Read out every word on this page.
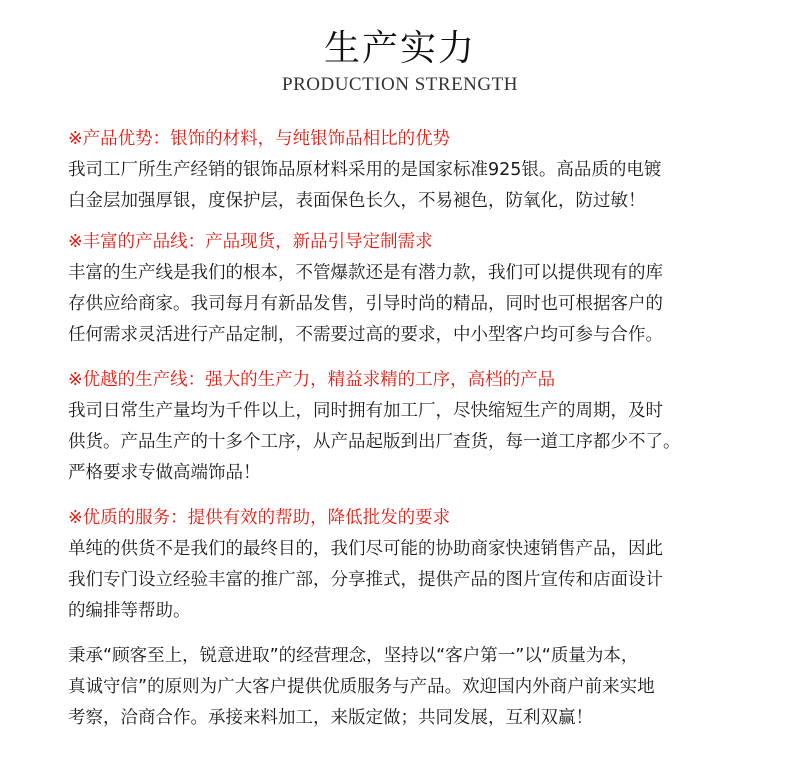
生产实力
PRODUCTION STRENGTH
※产品优势：银饰的材料，与纯银饰品相比的优势
我司工厂所生产经销的银饰品原材料采用的是国家标准925银。高品质的电镀
白金层加强厚银，度保护层，表面保色长久，不易褪色，防氧化，防过敏！
※丰富的产品线：产品现货，新品引导定制需求
丰富的生产线是我们的根本，不管爆款还是有潜力款，我们可以提供现有的库
存供应给商家。我司每月有新品发售，引导时尚的精品，同时也可根据客户的
任何需求灵活进行产品定制，不需要过高的要求，中小型客户均可参与合作。
※优越的生产线：强大的生产力，精益求精的工序，高档的产品
我司日常生产量均为千件以上，同时拥有加工厂，尽快缩短生产的周期，及时
供货。产品生产的十多个工序，从产品起版到出厂查货，每一道工序都少不了。
严格要求专做高端饰品！
※优质的服务：提供有效的帮助，降低批发的要求
单纯的供货不是我们的最终目的，我们尽可能的协助商家快速销售产品，因此
我们专门设立经验丰富的推广部，分享推式，提供产品的图片宣传和店面设计
的编排等帮助。
秉承“顾客至上，锐意进取”的经营理念，坚持以“客户第一”以“质量为本，
真诚守信”的原则为广大客户提供优质服务与产品。欢迎国内外商户前来实地
考察，洽商合作。承接来料加工，来版定做；共同发展，互利双赢！
